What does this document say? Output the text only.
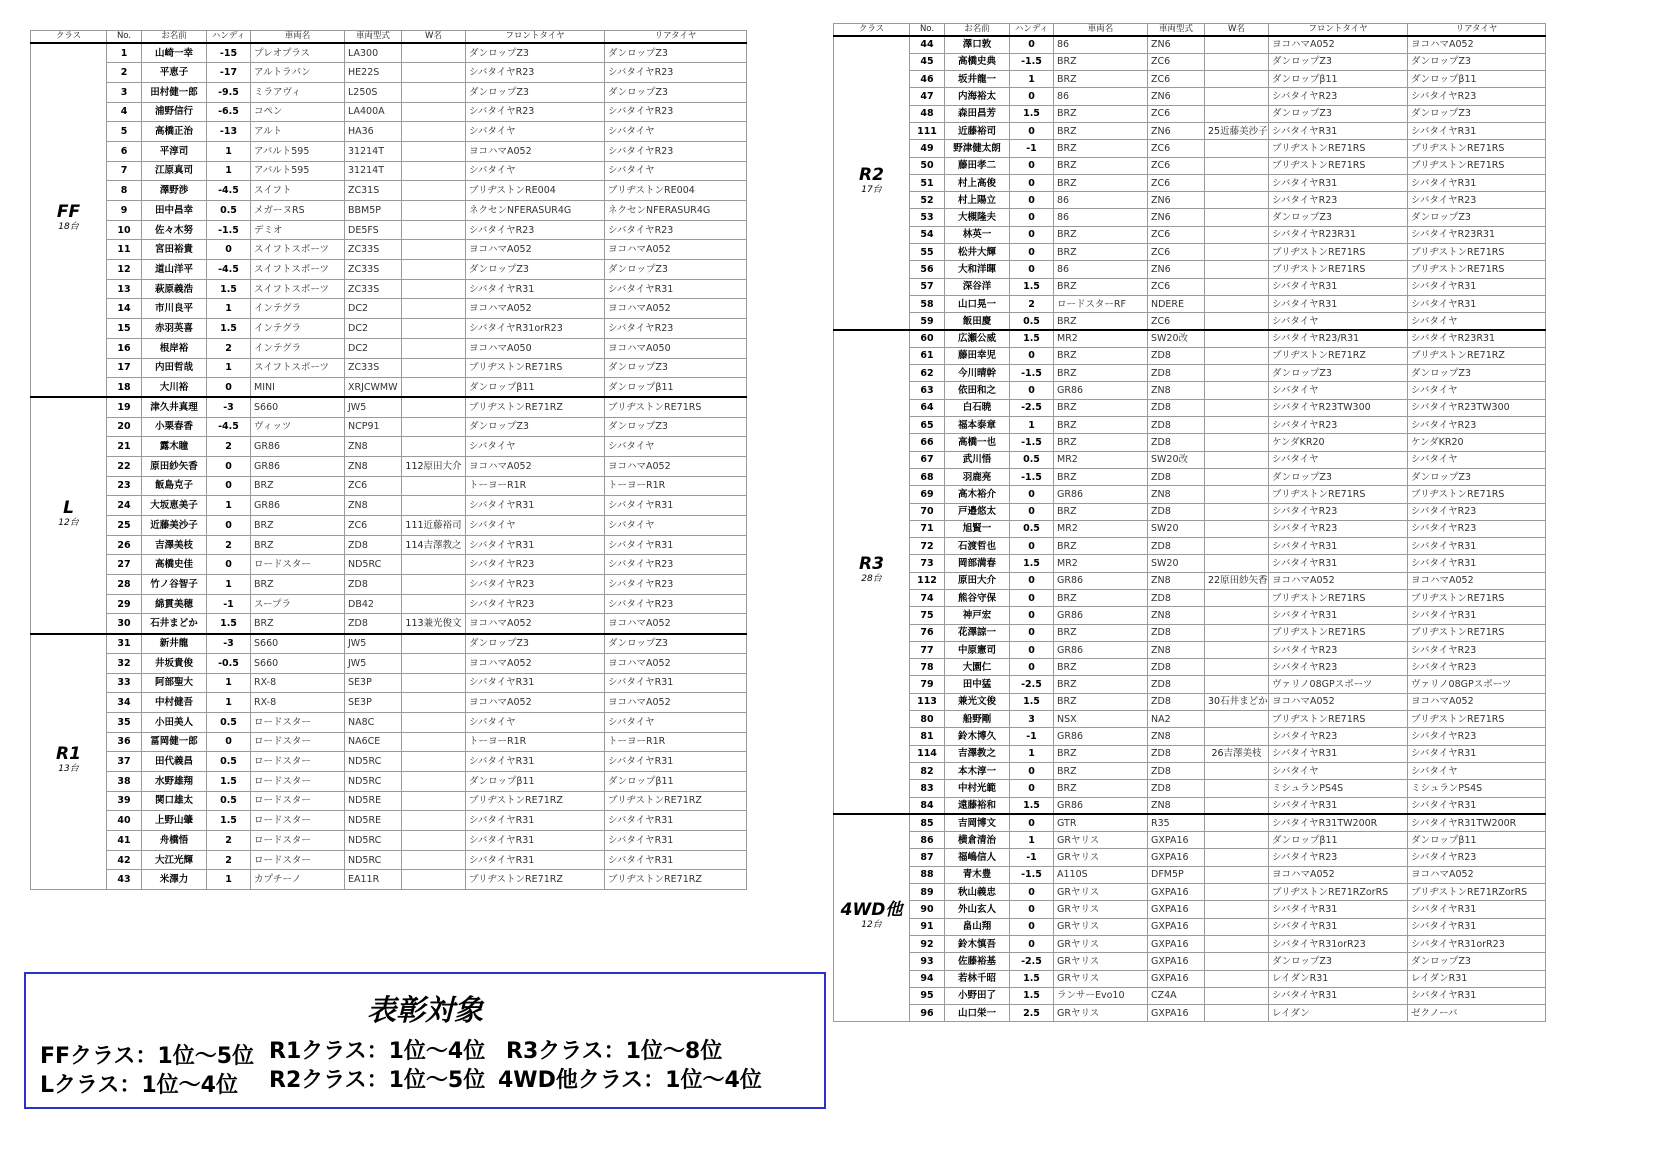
クラス	No.	お名前	ハンディ	車両名	車両型式	W名	フロントタイヤ	リアタイヤ

FF
18台	1	山崎一幸	-15	プレオプラス	LA300		ダンロップZ3	ダンロップZ3
	2	平恵子	-17	アルトラパン	HE22S		シバタイヤR23	シバタイヤR23
	3	田村健一郎	-9.5	ミラアヴィ	L250S		ダンロップZ3	ダンロップZ3
	4	浦野信行	-6.5	コペン	LA400A		シバタイヤR23	シバタイヤR23
	5	高橋正治	-13	アルト	HA36		シバタイヤ	シバタイヤ
	6	平淳司	1	アバルト595	31214T		ヨコハマA052	シバタイヤR23
	7	江原真司	1	アバルト595	31214T		シバタイヤ	シバタイヤ
	8	澤野渉	-4.5	スイフト	ZC31S		ブリヂストンRE004	ブリヂストンRE004
	9	田中昌幸	0.5	メガーヌRS	BBM5P		ネクセンNFERASUR4G	ネクセンNFERASUR4G
	10	佐々木努	-1.5	デミオ	DE5FS		シバタイヤR23	シバタイヤR23
	11	宮田裕貴	0	スイフトスポーツ	ZC33S		ヨコハマA052	ヨコハマA052
	12	道山洋平	-4.5	スイフトスポーツ	ZC33S		ダンロップZ3	ダンロップZ3
	13	萩原義浩	1.5	スイフトスポーツ	ZC33S		シバタイヤR31	シバタイヤR31
	14	市川良平	1	インテグラ	DC2		ヨコハマA052	ヨコハマA052
	15	赤羽英喜	1.5	インテグラ	DC2		シバタイヤR31orR23	シバタイヤR23
	16	根岸裕	2	インテグラ	DC2		ヨコハマA050	ヨコハマA050
	17	内田哲哉	1	スイフトスポーツ	ZC33S		ブリヂストンRE71RS	ダンロップZ3
	18	大川裕	0	MINI	XRJCWMW		ダンロップβ11	ダンロップβ11

L
12台	19	津久井真理	-3	S660	JW5		ブリヂストンRE71RZ	ブリヂストンRE71RS
	20	小栗春香	-4.5	ヴィッツ	NCP91		ダンロップZ3	ダンロップZ3
	21	露木瞳	2	GR86	ZN8		シバタイヤ	シバタイヤ
	22	原田紗矢香	0	GR86	ZN8	112原田大介	ヨコハマA052	ヨコハマA052
	23	飯島克子	0	BRZ	ZC6		トーヨーR1R	トーヨーR1R
	24	大坂恵美子	1	GR86	ZN8		シバタイヤR31	シバタイヤR31
	25	近藤美沙子	0	BRZ	ZC6	111近藤裕司	シバタイヤ	シバタイヤ
	26	吉澤美枝	2	BRZ	ZD8	114吉澤教之	シバタイヤR31	シバタイヤR31
	27	高橋史佳	0	ロードスター	ND5RC		シバタイヤR23	シバタイヤR23
	28	竹ノ谷智子	1	BRZ	ZD8		シバタイヤR23	シバタイヤR23
	29	綿貫美穂	-1	スープラ	DB42		シバタイヤR23	シバタイヤR23
	30	石井まどか	1.5	BRZ	ZD8	113兼光俊文	ヨコハマA052	ヨコハマA052

R1
13台	31	新井龍	-3	S660	JW5		ダンロップZ3	ダンロップZ3
	32	井坂貴俊	-0.5	S660	JW5		ヨコハマA052	ヨコハマA052
	33	阿部聖大	1	RX-8	SE3P		シバタイヤR31	シバタイヤR31
	34	中村健吾	1	RX-8	SE3P		ヨコハマA052	ヨコハマA052
	35	小田美人	0.5	ロードスター	NA8C		シバタイヤ	シバタイヤ
	36	冨岡健一郎	0	ロードスター	NA6CE		トーヨーR1R	トーヨーR1R
	37	田代義昌	0.5	ロードスター	ND5RC		シバタイヤR31	シバタイヤR31
	38	水野雄翔	1.5	ロードスター	ND5RC		ダンロップβ11	ダンロップβ11
	39	関口雄太	0.5	ロードスター	ND5RE		ブリヂストンRE71RZ	ブリヂストンRE71RZ
	40	上野山肇	1.5	ロードスター	ND5RE		シバタイヤR31	シバタイヤR31
	41	舟橋悟	2	ロードスター	ND5RC		シバタイヤR31	シバタイヤR31
	42	大江光輝	2	ロードスター	ND5RC		シバタイヤR31	シバタイヤR31
	43	米澤力	1	カプチーノ	EA11R		ブリヂストンRE71RZ	ブリヂストンRE71RZ
クラス	No.	お名前	ハンディ	車両名	車両型式	W名	フロントタイヤ	リアタイヤ

R2
17台	44	澤口敦	0	86	ZN6		ヨコハマA052	ヨコハマA052
	45	高橋史典	-1.5	BRZ	ZC6		ダンロップZ3	ダンロップZ3
	46	坂井龍一	1	BRZ	ZC6		ダンロップβ11	ダンロップβ11
	47	内海裕太	0	86	ZN6		シバタイヤR23	シバタイヤR23
	48	森田昌芳	1.5	BRZ	ZC6		ダンロップZ3	ダンロップZ3
	111	近藤裕司	0	BRZ	ZN6	25近藤美沙子	シバタイヤR31	シバタイヤR31
	49	野津健太朗	-1	BRZ	ZC6		ブリヂストンRE71RS	ブリヂストンRE71RS
	50	藤田孝二	0	BRZ	ZC6		ブリヂストンRE71RS	ブリヂストンRE71RS
	51	村上高俊	0	BRZ	ZC6		シバタイヤR31	シバタイヤR31
	52	村上陽立	0	86	ZN6		シバタイヤR23	シバタイヤR23
	53	大槻隆夫	0	86	ZN6		ダンロップZ3	ダンロップZ3
	54	林英一	0	BRZ	ZC6		シバタイヤR23R31	シバタイヤR23R31
	55	松井大輝	0	BRZ	ZC6		ブリヂストンRE71RS	ブリヂストンRE71RS
	56	大和洋暉	0	86	ZN6		ブリヂストンRE71RS	ブリヂストンRE71RS
	57	深谷洋	1.5	BRZ	ZC6		シバタイヤR31	シバタイヤR31
	58	山口晃一	2	ロードスターRF	NDERE		シバタイヤR31	シバタイヤR31
	59	飯田慶	0.5	BRZ	ZC6		シバタイヤ	シバタイヤ

R3
28台	60	広瀬公威	1.5	MR2	SW20改		シバタイヤR23/R31	シバタイヤR23R31
	61	藤田幸児	0	BRZ	ZD8		ブリヂストンRE71RZ	ブリヂストンRE71RZ
	62	今川晴幹	-1.5	BRZ	ZD8		ダンロップZ3	ダンロップZ3
	63	依田和之	0	GR86	ZN8		シバタイヤ	シバタイヤ
	64	白石暁	-2.5	BRZ	ZD8		シバタイヤR23TW300	シバタイヤR23TW300
	65	福本泰章	1	BRZ	ZD8		シバタイヤR23	シバタイヤR23
	66	高橋一也	-1.5	BRZ	ZD8		ケンダKR20	ケンダKR20
	67	武川悟	0.5	MR2	SW20改		シバタイヤ	シバタイヤ
	68	羽鹿亮	-1.5	BRZ	ZD8		ダンロップZ3	ダンロップZ3
	69	高木裕介	0	GR86	ZN8		ブリヂストンRE71RS	ブリヂストンRE71RS
	70	戸邉悠太	0	BRZ	ZD8		シバタイヤR23	シバタイヤR23
	71	旭賢一	0.5	MR2	SW20		シバタイヤR23	シバタイヤR23
	72	石渡哲也	0	BRZ	ZD8		シバタイヤR31	シバタイヤR31
	73	岡部満春	1.5	MR2	SW20		シバタイヤR31	シバタイヤR31
	112	原田大介	0	GR86	ZN8	22原田紗矢香	ヨコハマA052	ヨコハマA052
	74	熊谷守保	0	BRZ	ZD8		ブリヂストンRE71RS	ブリヂストンRE71RS
	75	神戸宏	0	GR86	ZN8		シバタイヤR31	シバタイヤR31
	76	花澤諒一	0	BRZ	ZD8		ブリヂストンRE71RS	ブリヂストンRE71RS
	77	中原憲司	0	GR86	ZN8		シバタイヤR23	シバタイヤR23
	78	大園仁	0	BRZ	ZD8		シバタイヤR23	シバタイヤR23
	79	田中猛	-2.5	BRZ	ZD8		ヴァリノ08GPスポーツ	ヴァリノ08GPスポーツ
	113	兼光文俊	1.5	BRZ	ZD8	30石井まどか	ヨコハマA052	ヨコハマA052
	80	船野剛	3	NSX	NA2		ブリヂストンRE71RS	ブリヂストンRE71RS
	81	鈴木博久	-1	GR86	ZN8		シバタイヤR23	シバタイヤR23
	114	吉澤教之	1	BRZ	ZD8	26吉澤美枝	シバタイヤR31	シバタイヤR31
	82	本木淳一	0	BRZ	ZD8		シバタイヤ	シバタイヤ
	83	中村光範	0	BRZ	ZD8		ミシュランPS4S	ミシュランPS4S
	84	遠藤裕和	1.5	GR86	ZN8		シバタイヤR31	シバタイヤR31

4WD他
12台	85	吉岡博文	0	GTR	R35		シバタイヤR31TW200R	シバタイヤR31TW200R
	86	横倉清治	1	GRヤリス	GXPA16		ダンロップβ11	ダンロップβ11
	87	福嶋信人	-1	GRヤリス	GXPA16		シバタイヤR23	シバタイヤR23
	88	青木豊	-1.5	A110S	DFM5P		ヨコハマA052	ヨコハマA052
	89	秋山義忠	0	GRヤリス	GXPA16		ブリヂストンRE71RZorRS	ブリヂストンRE71RZorRS
	90	外山玄人	0	GRヤリス	GXPA16		シバタイヤR31	シバタイヤR31
	91	畠山翔	0	GRヤリス	GXPA16		シバタイヤR31	シバタイヤR31
	92	鈴木慎吾	0	GRヤリス	GXPA16		シバタイヤR31orR23	シバタイヤR31orR23
	93	佐藤裕基	-2.5	GRヤリス	GXPA16		ダンロップZ3	ダンロップZ3
	94	若林千昭	1.5	GRヤリス	GXPA16		レイダンR31	レイダンR31
	95	小野田了	1.5	ランサーEvo10	CZ4A		シバタイヤR31	シバタイヤR31
	96	山口栄一	2.5	GRヤリス	GXPA16		レイダン	ゼクノーバ
表彰対象
FFクラス：1位～5位
Lクラス：1位～4位
R1クラス：1位～4位
R2クラス：1位～5位
R3クラス：1位～8位
4WD他クラス：1位～4位
